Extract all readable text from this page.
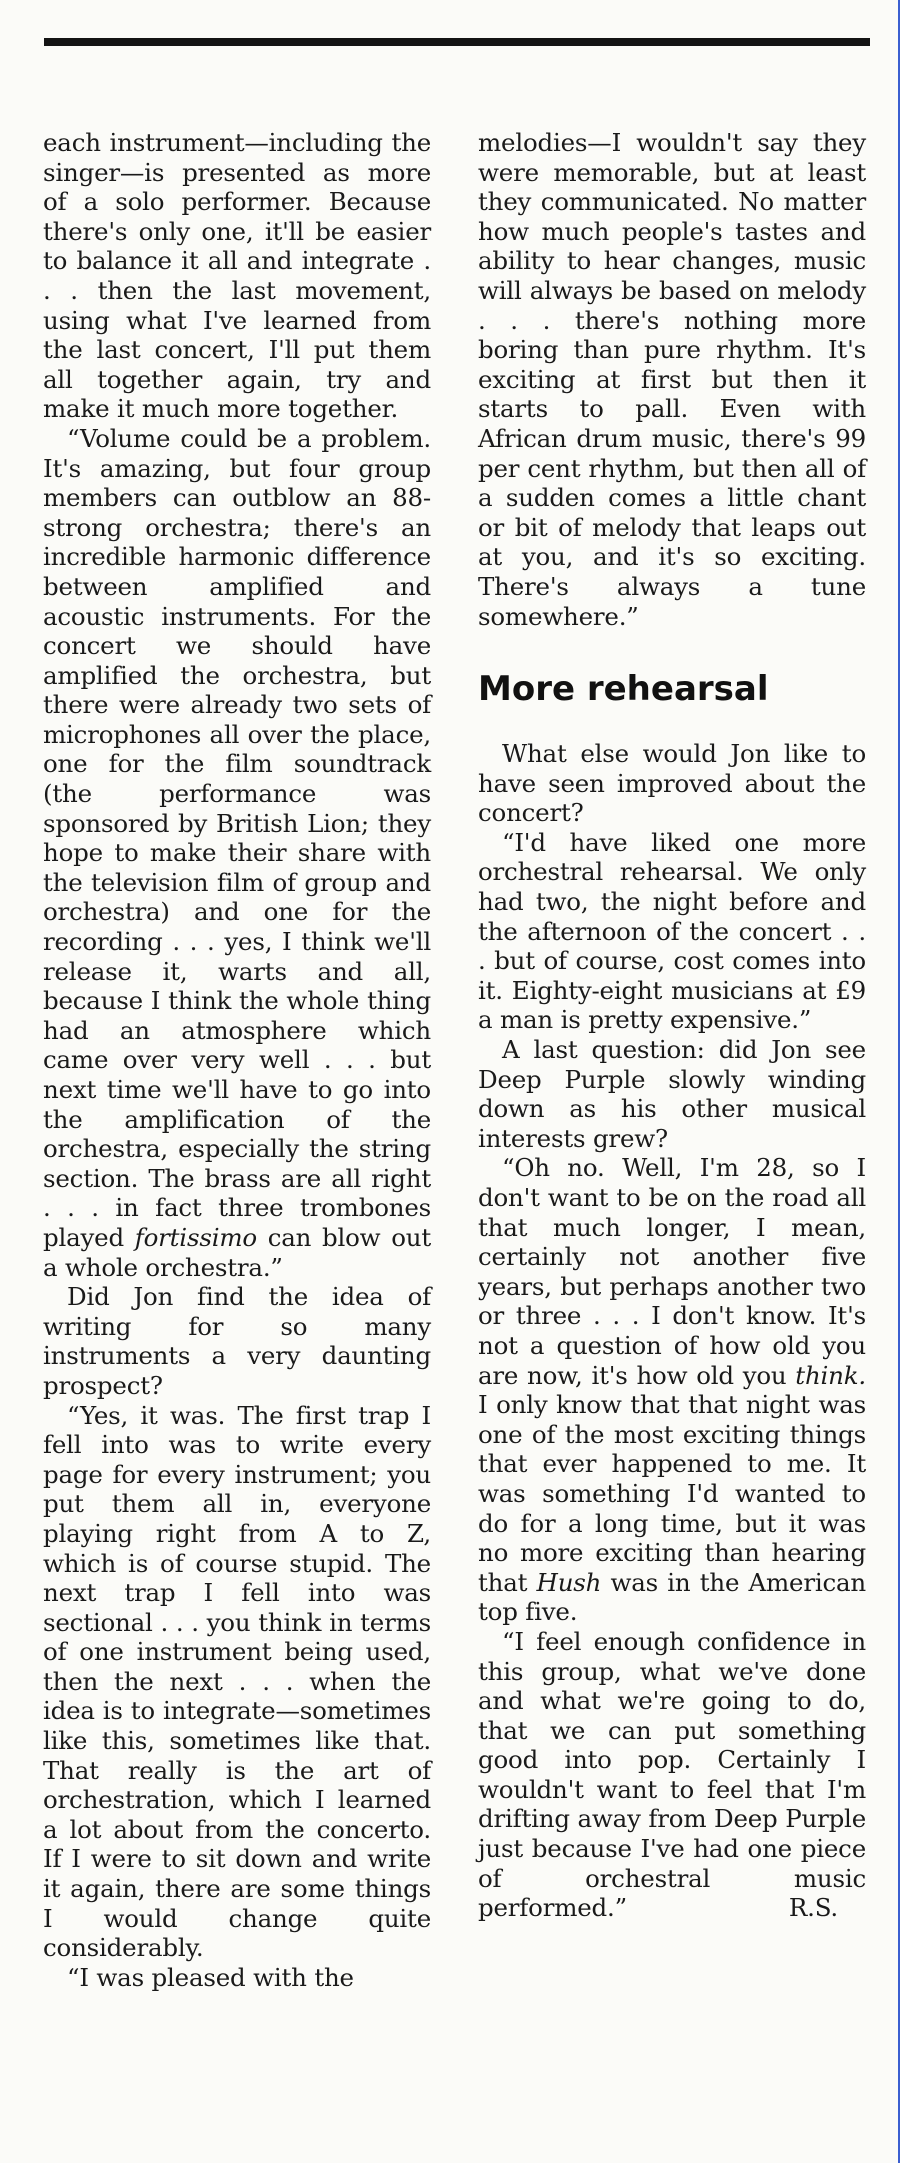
each instrument—including the singer—is presented as more of a solo performer. Because there's only one, it'll be easier to balance it all and integrate . . . then the last movement, using what I've learned from the last concert, I'll put them all together again, try and make it much more together.

“Volume could be a problem. It's amazing, but four group members can outblow an 88-strong orchestra; there's an incredible harmonic difference between amplified and acoustic instruments. For the concert we should have amplified the orchestra, but there were already two sets of microphones all over the place, one for the film soundtrack (the performance was sponsored by British Lion; they hope to make their share with the television film of group and orchestra) and one for the recording . . . yes, I think we'll release it, warts and all, because I think the whole thing had an atmosphere which came over very well . . . but next time we'll have to go into the amplification of the orchestra, especially the string section. The brass are all right . . . in fact three trombones played fortissimo can blow out a whole orchestra.”

Did Jon find the idea of writing for so many instruments a very daunting prospect?

“Yes, it was. The first trap I fell into was to write every page for every instrument; you put them all in, everyone playing right from A to Z, which is of course stupid. The next trap I fell into was sectional . . . you think in terms of one instrument being used, then the next . . . when the idea is to integrate—sometimes like this, sometimes like that. That really is the art of orchestration, which I learned a lot about from the concerto. If I were to sit down and write it again, there are some things I would change quite considerably.

“I was pleased with the

melodies—I wouldn't say they were memorable, but at least they communicated. No matter how much people's tastes and ability to hear changes, music will always be based on melody . . . there's nothing more boring than pure rhythm. It's exciting at first but then it starts to pall. Even with African drum music, there's 99 per cent rhythm, but then all of a sudden comes a little chant or bit of melody that leaps out at you, and it's so exciting. There's always a tune somewhere.”

More rehearsal

What else would Jon like to have seen improved about the concert?

“I'd have liked one more orchestral rehearsal. We only had two, the night before and the afternoon of the concert . . . but of course, cost comes into it. Eighty-eight musicians at £9 a man is pretty expensive.”

A last question: did Jon see Deep Purple slowly winding down as his other musical interests grew?

“Oh no. Well, I'm 28, so I don't want to be on the road all that much longer, I mean, certainly not another five years, but perhaps another two or three . . . I don't know. It's not a question of how old you are now, it's how old you think. I only know that that night was one of the most exciting things that ever happened to me. It was something I'd wanted to do for a long time, but it was no more exciting than hearing that Hush was in the American top five.

“I feel enough confidence in this group, what we've done and what we're going to do, that we can put something good into pop. Certainly I wouldn't want to feel that I'm drifting away from Deep Purple just because I've had one piece of orchestral music performed.”	R.S.
